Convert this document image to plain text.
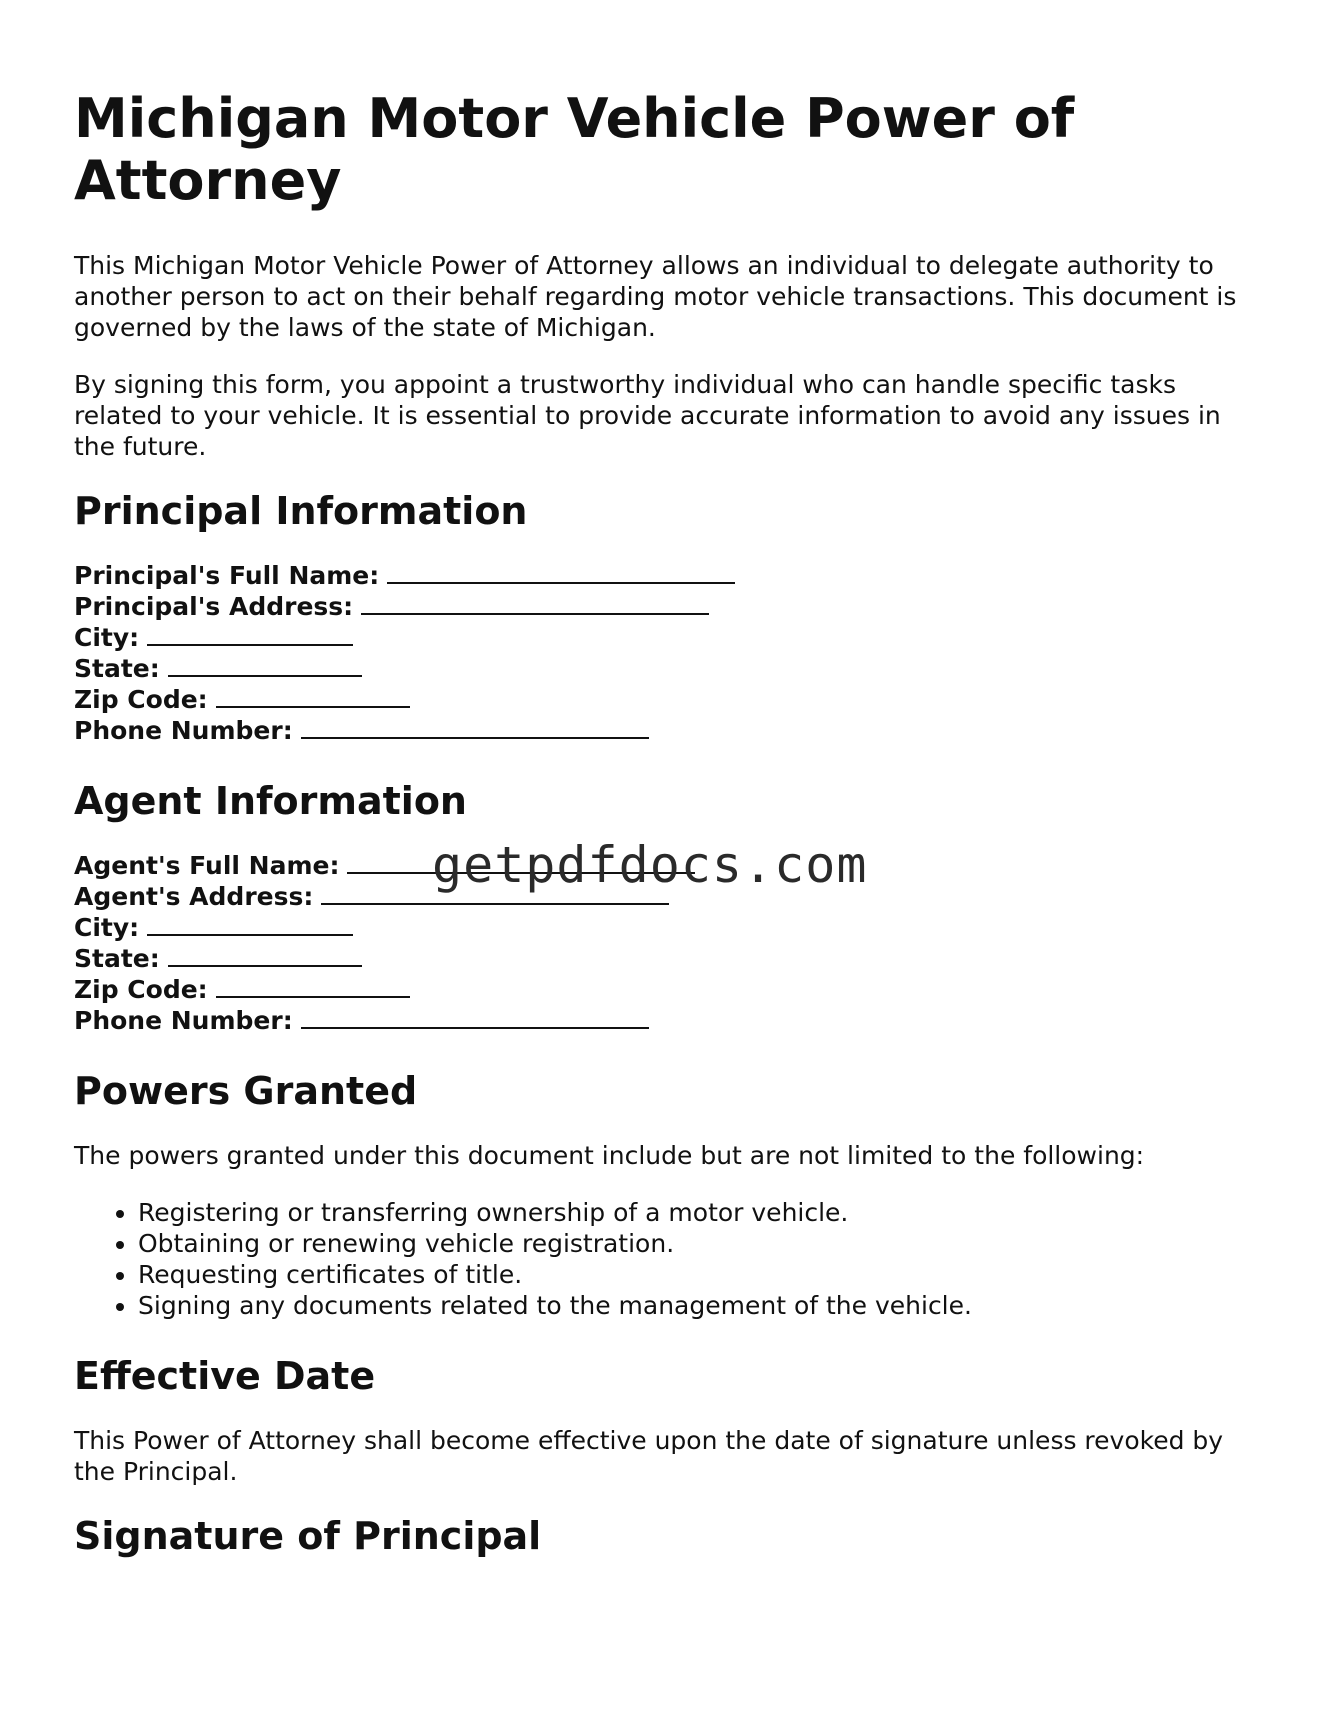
Michigan Motor Vehicle Power of Attorney

This Michigan Motor Vehicle Power of Attorney allows an individual to delegate authority to another person to act on their behalf regarding motor vehicle transactions. This document is governed by the laws of the state of Michigan.

By signing this form, you appoint a trustworthy individual who can handle specific tasks related to your vehicle. It is essential to provide accurate information to avoid any issues in the future.

Principal Information
Principal's Full Name:
Principal's Address:
City:
State:
Zip Code:
Phone Number:
Agent Information
Agent's Full Name:
Agent's Address:
City:
State:
Zip Code:
Phone Number:
Powers Granted

The powers granted under this document include but are not limited to the following:

• Registering or transferring ownership of a motor vehicle.
• Obtaining or renewing vehicle registration.
• Requesting certificates of title.
• Signing any documents related to the management of the vehicle.
Effective Date

This Power of Attorney shall become effective upon the date of signature unless revoked by the Principal.

Signature of Principal
getpdfdocs.com
